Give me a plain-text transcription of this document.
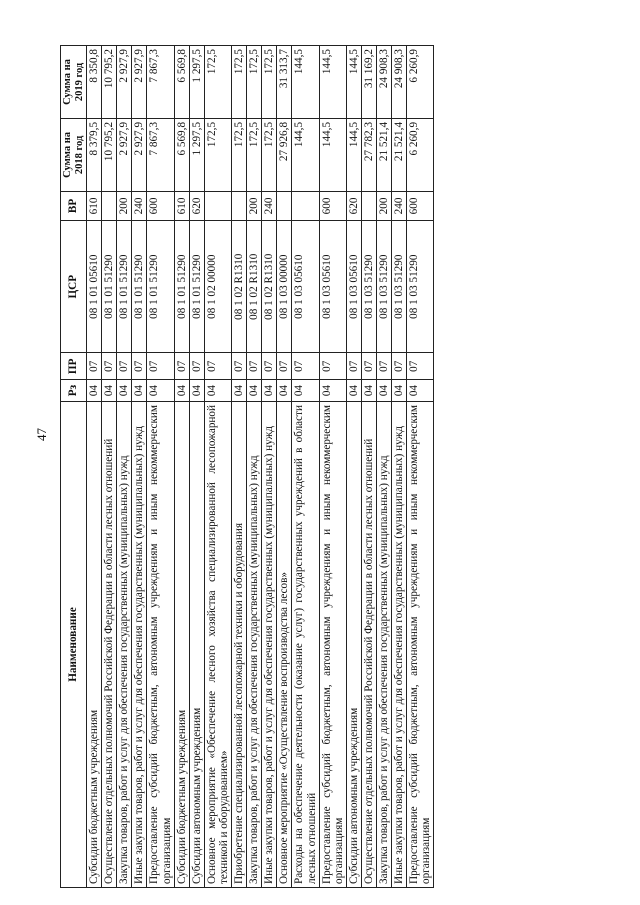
47
Наименование	Рз	ПР	ЦСР	ВР	Сумма на 2018 год	Сумма на 2019 год
Субсидии бюджетным учреждениям	04	07	08 1 01 05610	610	8 379,5	8 350,8
Осуществление отдельных полномочий Российской Федерации в области лесных отношений	04	07	08 1 01 51290		10 795,2	10 795,2
Закупка товаров, работ и услуг для обеспечения государственных (муниципальных) нужд	04	07	08 1 01 51290	200	2 927,9	2 927,9
Иные закупки товаров, работ и услуг для обеспечения государственных (муниципальных) нужд	04	07	08 1 01 51290	240	2 927,9	2 927,9
Предоставление субсидий бюджетным, автономным учреждениям и иным некоммерческим организациям	04	07	08 1 01 51290	600	7 867,3	7 867,3
Субсидии бюджетным учреждениям	04	07	08 1 01 51290	610	6 569,8	6 569,8
Субсидии автономным учреждениям	04	07	08 1 01 51290	620	1 297,5	1 297,5
Основное мероприятие «Обеспечение лесного хозяйства специализированной лесопожарной техникой и оборудованием»	04	07	08 1 02 00000		172,5	172,5
Приобретение специализированной лесопожарной техники и оборудования	04	07	08 1 02 R1310		172,5	172,5
Закупка товаров, работ и услуг для обеспечения государственных (муниципальных) нужд	04	07	08 1 02 R1310	200	172,5	172,5
Иные закупки товаров, работ и услуг для обеспечения государственных (муниципальных) нужд	04	07	08 1 02 R1310	240	172,5	172,5
Основное мероприятие «Осуществление воспроизводства лесов»	04	07	08 1 03 00000		27 926,8	31 313,7
Расходы на обеспечение деятельности (оказание услуг) государственных учреждений в области лесных отношений	04	07	08 1 03 05610		144,5	144,5
Предоставление субсидий бюджетным, автономным учреждениям и иным некоммерческим организациям	04	07	08 1 03 05610	600	144,5	144,5
Субсидии автономным учреждениям	04	07	08 1 03 05610	620	144,5	144,5
Осуществление отдельных полномочий Российской Федерации в области лесных отношений	04	07	08 1 03 51290		27 782,3	31 169,2
Закупка товаров, работ и услуг для обеспечения государственных (муниципальных) нужд	04	07	08 1 03 51290	200	21 521,4	24 908,3
Иные закупки товаров, работ и услуг для обеспечения государственных (муниципальных) нужд	04	07	08 1 03 51290	240	21 521,4	24 908,3
Предоставление субсидий бюджетным, автономным учреждениям и иным некоммерческим организациям	04	07	08 1 03 51290	600	6 260,9	6 260,9
